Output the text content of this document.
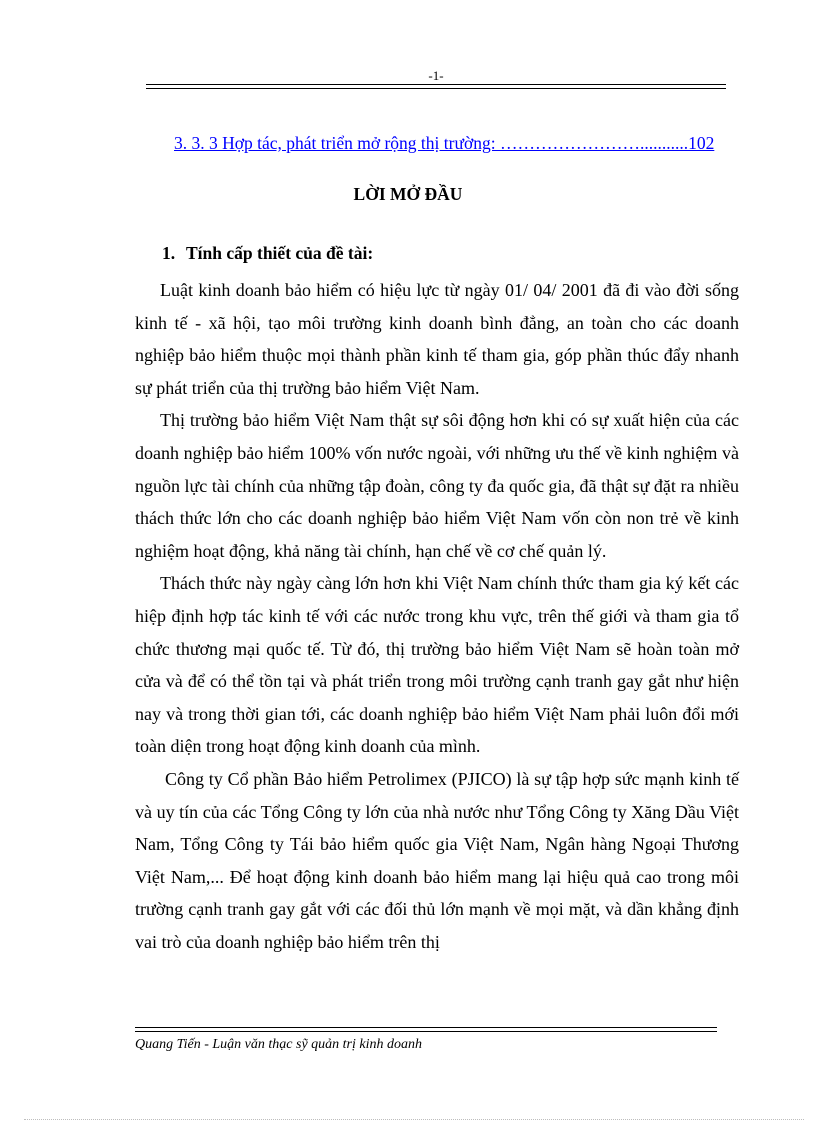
-1-
3. 3. 3 Hợp tác, phát triển mở rộng thị trường: ……………………...........102
LỜI MỞ ĐẦU
1. Tính cấp thiết của đề tài:

Luật kinh doanh bảo hiểm có hiệu lực từ ngày 01/ 04/ 2001 đã đi vào đời sống kinh tế - xã hội, tạo môi trường kinh doanh bình đẳng, an toàn cho các doanh nghiệp bảo hiểm thuộc mọi thành phần kinh tế tham gia, góp phần thúc đẩy nhanh sự phát triển của thị trường bảo hiểm Việt Nam.

Thị trường bảo hiểm Việt Nam thật sự sôi động hơn khi có sự xuất hiện của các doanh nghiệp bảo hiểm 100% vốn nước ngoài, với những ưu thế về kinh nghiệm và nguồn lực tài chính của những tập đoàn, công ty đa quốc gia, đã thật sự đặt ra nhiều thách thức lớn cho các doanh nghiệp bảo hiểm Việt Nam vốn còn non trẻ về kinh nghiệm hoạt động, khả năng tài chính, hạn chế về cơ chế quản lý.

Thách thức này ngày càng lớn hơn khi Việt Nam chính thức tham gia ký kết các hiệp định hợp tác kinh tế với các nước trong khu vực, trên thế giới và tham gia tổ chức thương mại quốc tế. Từ đó, thị trường bảo hiểm Việt Nam sẽ hoàn toàn mở cửa và để có thể tồn tại và phát triển trong môi trường cạnh tranh gay gắt như hiện nay và trong thời gian tới, các doanh nghiệp bảo hiểm Việt Nam phải luôn đổi mới toàn diện trong hoạt động kinh doanh của mình.

Công ty Cổ phần Bảo hiểm Petrolimex (PJICO) là sự tập hợp sức mạnh kinh tế và uy tín của các Tổng Công ty lớn của nhà nước như Tổng Công ty Xăng Dầu Việt Nam, Tổng Công ty Tái bảo hiểm quốc gia Việt Nam, Ngân hàng Ngoại Thương Việt Nam,... Để hoạt động kinh doanh bảo hiểm mang lại hiệu quả cao trong môi trường cạnh tranh gay gắt với các đối thủ lớn mạnh về mọi mặt, và dần khẳng định vai trò của doanh nghiệp bảo hiểm trên thị

Quang Tiến - Luận văn thạc sỹ quản trị kinh doanh
